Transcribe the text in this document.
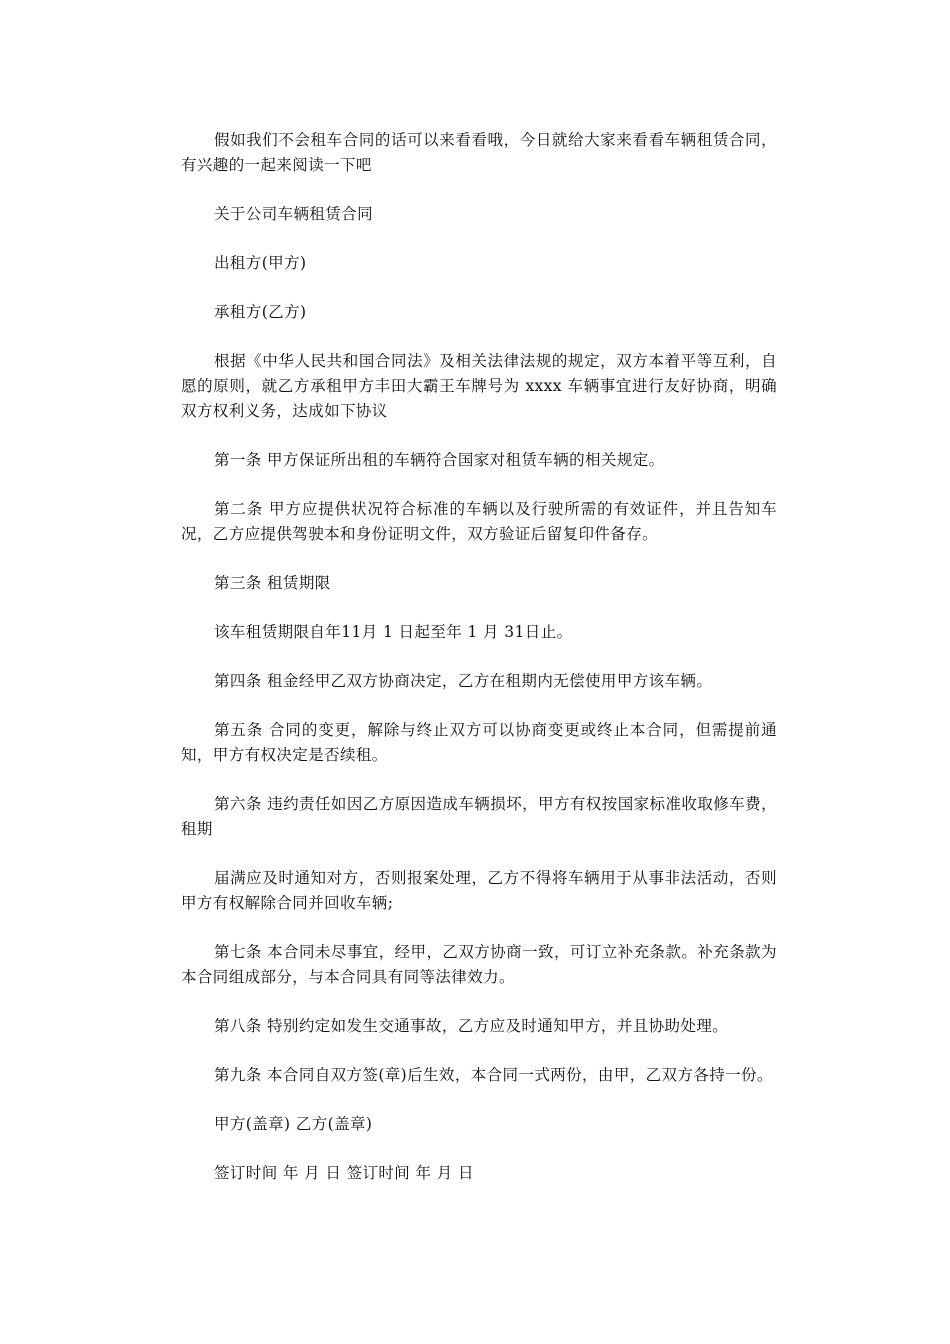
假如我们不会租车合同的话可以来看看哦，今日就给大家来看看车辆租赁合同，有兴趣的一起来阅读一下吧

关于公司车辆租赁合同

出租方(甲方)

承租方(乙方)

根据《中华人民共和国合同法》及相关法律法规的规定，双方本着平等互利，自愿的原则，就乙方承租甲方丰田大霸王车牌号为 xxxx 车辆事宜进行友好协商，明确双方权利义务，达成如下协议

第一条 甲方保证所出租的车辆符合国家对租赁车辆的相关规定。

第二条 甲方应提供状况符合标准的车辆以及行驶所需的有效证件，并且告知车况，乙方应提供驾驶本和身份证明文件，双方验证后留复印件备存。

第三条 租赁期限

该车租赁期限自年11月 1 日起至年 1 月 31日止。

第四条 租金经甲乙双方协商决定，乙方在租期内无偿使用甲方该车辆。

第五条 合同的变更，解除与终止双方可以协商变更或终止本合同，但需提前通知，甲方有权决定是否续租。

第六条 违约责任如因乙方原因造成车辆损坏，甲方有权按国家标准收取修车费，租期

届满应及时通知对方，否则报案处理，乙方不得将车辆用于从事非法活动，否则甲方有权解除合同并回收车辆;

第七条 本合同未尽事宜，经甲，乙双方协商一致，可订立补充条款。补充条款为本合同组成部分，与本合同具有同等法律效力。

第八条 特别约定如发生交通事故，乙方应及时通知甲方，并且协助处理。

第九条 本合同自双方签(章)后生效，本合同一式两份，由甲，乙双方各持一份。

甲方(盖章) 乙方(盖章)

签订时间 年 月 日 签订时间 年 月 日
